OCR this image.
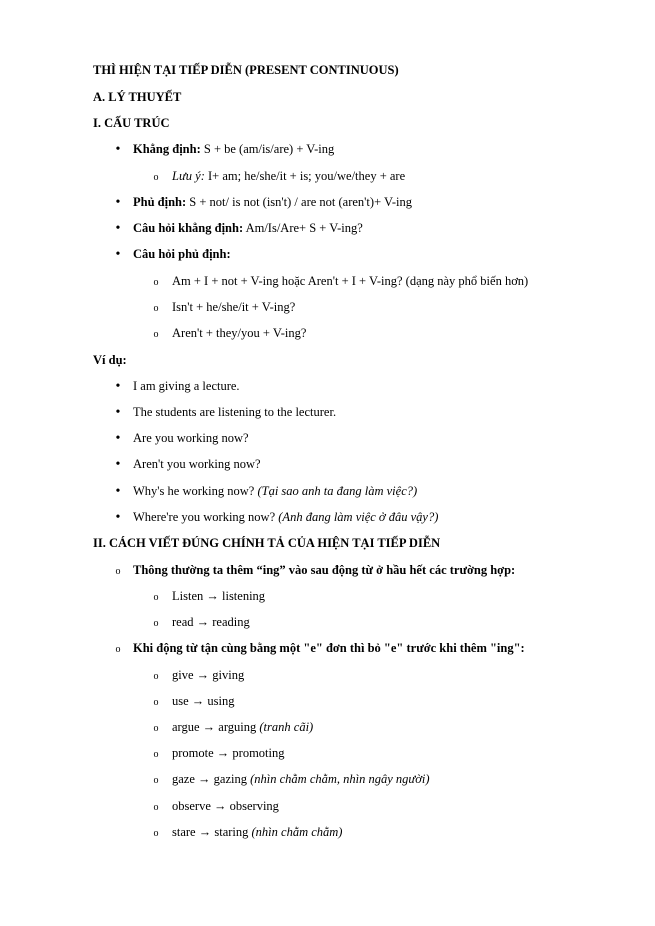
THÌ HIỆN TẠI TIẾP DIỄN (PRESENT CONTINUOUS)
A. LÝ THUYẾT
I. CẤU TRÚC
•
Khẳng định: S + be (am/is/are) + V-ing
o
Lưu ý: I+ am; he/she/it + is; you/we/they + are
•
Phủ định: S + not/ is not (isn't) / are not (aren't)+ V-ing
•
Câu hỏi khẳng định: Am/Is/Are+ S + V-ing?
•
Câu hỏi phủ định:
o
Am + I + not + V-ing hoặc Aren't + I + V-ing? (dạng này phổ biến hơn)
o
Isn't + he/she/it + V-ing?
o
Aren't + they/you + V-ing?
Ví dụ:
•
I am giving a lecture.
•
The students are listening to the lecturer.
•
Are you working now?
•
Aren't you working now?
•
Why's he working now? (Tại sao anh ta đang làm việc?)
•
Where're you working now? (Anh đang làm việc ở đâu vậy?)
II. CÁCH VIẾT ĐÚNG CHÍNH TẢ CỦA HIỆN TẠI TIẾP DIỄN
o
Thông thường ta thêm “ing” vào sau động từ ở hầu hết các trường hợp:
o
Listen → listening
o
read → reading
o
Khi động từ tận cùng bằng một "e" đơn thì bỏ "e" trước khi thêm "ing":
o
give → giving
o
use → using
o
argue → arguing (tranh cãi)
o
promote → promoting
o
gaze → gazing (nhìn chằm chằm, nhìn ngây người)
o
observe → observing
o
stare → staring (nhìn chằm chằm)
